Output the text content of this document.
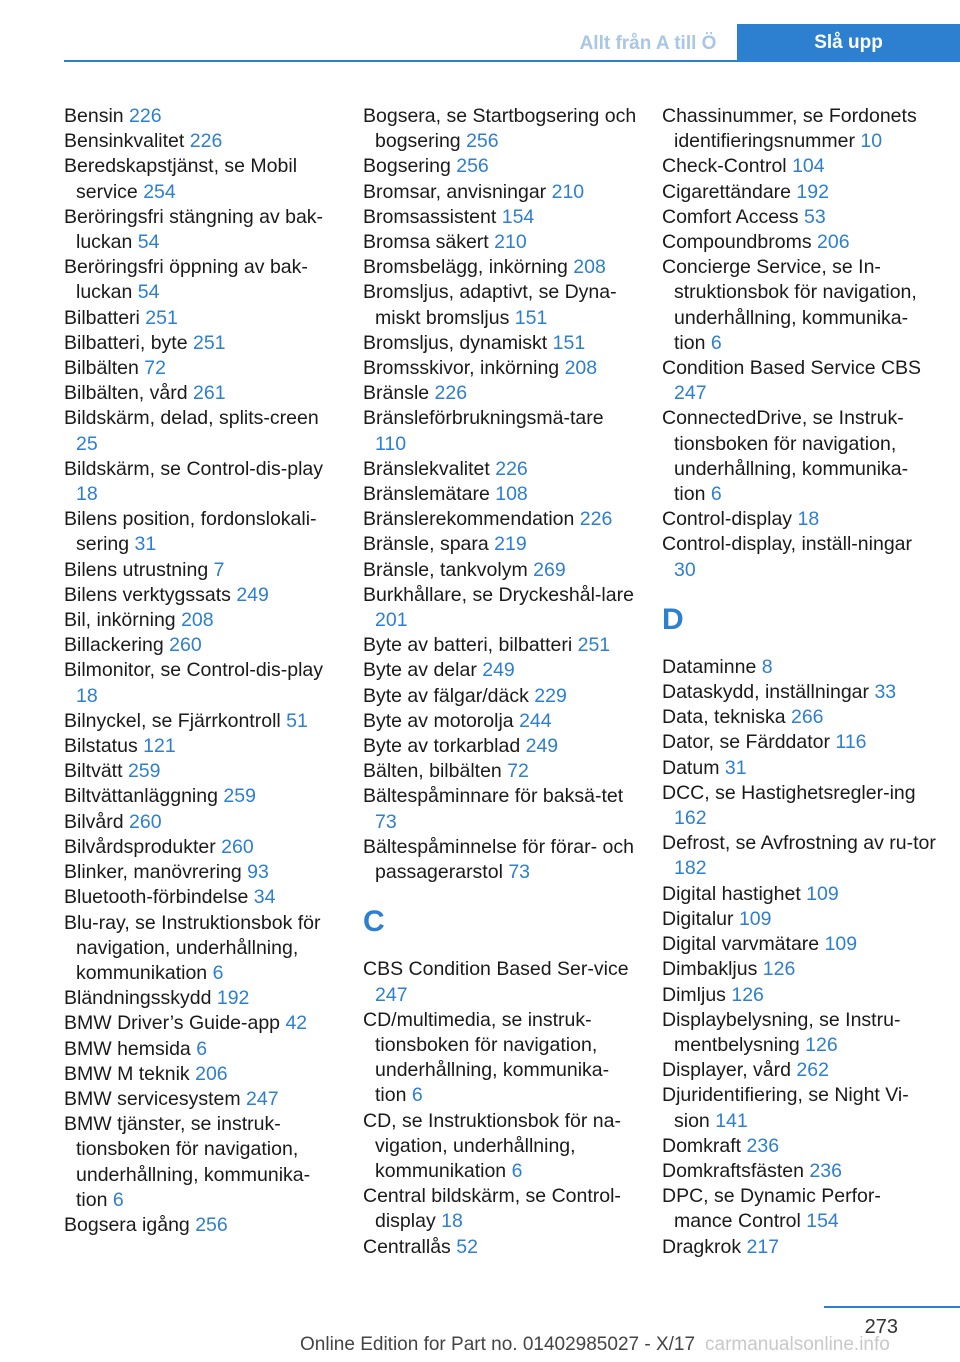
Allt från A till Ö	Slå upp

Bensin 226

Bensinkvalitet 226

Beredskapstjänst, se Mobil service 254

Beröringsfri stängning av bak‐luckan 54

Beröringsfri öppning av bak‐luckan 54

Bilbatteri 251

Bilbatteri, byte 251

Bilbälten 72

Bilbälten, vård 261

Bildskärm, delad, splits‐creen 25

Bildskärm, se Control-dis‐play 18

Bilens position, fordonslokali‐sering 31

Bilens utrustning 7

Bilens verktygssats 249

Bil, inkörning 208

Billackering 260

Bilmonitor, se Control-dis‐play 18

Bilnyckel, se Fjärrkontroll 51

Bilstatus 121

Biltvätt 259

Biltvättanläggning 259

Bilvård 260

Bilvårdsprodukter 260

Blinker, manövrering 93

Bluetooth-förbindelse 34

Blu-ray, se Instruktionsbok för navigation, underhållning, kommunikation 6

Bländningsskydd 192

BMW Driver’s Guide-app 42

BMW hemsida 6

BMW M teknik 206

BMW servicesystem 247

BMW tjänster, se instruk‐tionsboken för navigation, underhållning, kommunika‐tion 6

Bogsera igång 256

Bogsera, se Startbogsering och bogsering 256

Bogsering 256

Bromsar, anvisningar 210

Bromsassistent 154

Bromsa säkert 210

Bromsbelägg, inkörning 208

Bromsljus, adaptivt, se Dyna‐miskt bromsljus 151

Bromsljus, dynamiskt 151

Bromsskivor, inkörning 208

Bränsle 226

Bränsleförbrukningsmä‐tare 110

Bränslekvalitet 226

Bränslemätare 108

Bränslerekommendation 226

Bränsle, spara 219

Bränsle, tankvolym 269

Burkhållare, se Dryckeshål‐lare 201

Byte av batteri, bilbatteri 251

Byte av delar 249

Byte av fälgar/däck 229

Byte av motorolja 244

Byte av torkarblad 249

Bälten, bilbälten 72

Bältespåminnare för baksä‐tet 73

Bältespåminnelse för förar- och passagerarstol 73

C

CBS Condition Based Ser‐vice 247

CD/multimedia, se instruk‐tionsboken för navigation, underhållning, kommunika‐tion 6

CD, se Instruktionsbok för na‐vigation, underhållning, kommunikation 6

Central bildskärm, se Control-display 18

Centrallås 52

Chassinummer, se Fordonets identifieringsnummer 10

Check-Control 104

Cigarettändare 192

Comfort Access 53

Compoundbroms 206

Concierge Service, se In‐struktionsbok för navigation, underhållning, kommunika‐tion 6

Condition Based Service CBS 247

ConnectedDrive, se Instruk‐tionsboken för navigation, underhållning, kommunika‐tion 6

Control-display 18

Control-display, inställ‐ningar 30

D

Dataminne 8

Dataskydd, inställningar 33

Data, tekniska 266

Dator, se Färddator 116

Datum 31

DCC, se Hastighetsregler‐ing 162

Defrost, se Avfrostning av ru‐tor 182

Digital hastighet 109

Digitalur 109

Digital varvmätare 109

Dimbakljus 126

Dimljus 126

Displaybelysning, se Instru‐mentbelysning 126

Displayer, vård 262

Djuridentifiering, se Night Vi‐sion 141

Domkraft 236

Domkraftsfästen 236

DPC, se Dynamic Perfor‐mance Control 154

Dragkrok 217

273
Online Edition for Part no. 01402985027 - X/17 carmanualsonline.info
